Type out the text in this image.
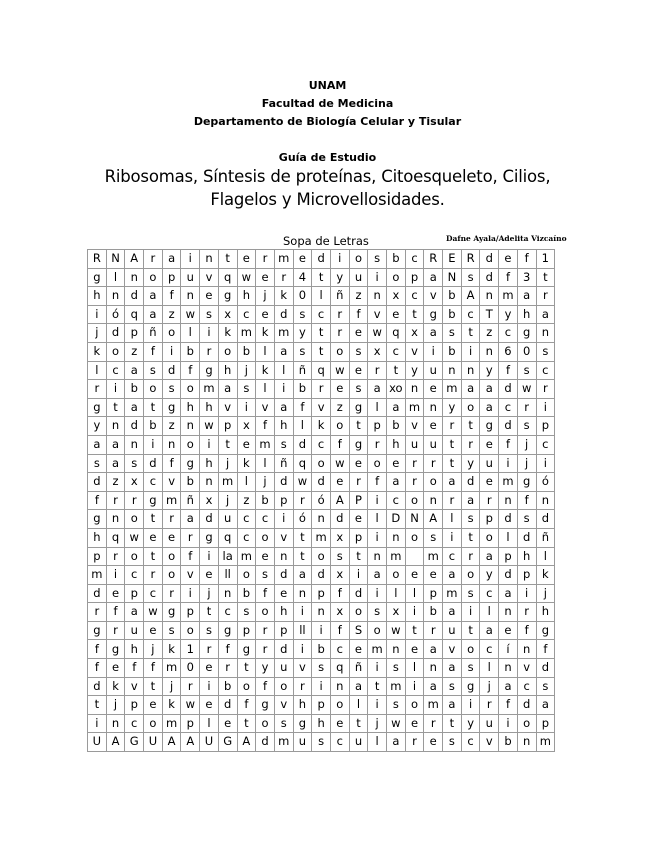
UNAM
Facultad de Medicina
Departamento de Biología Celular y Tisular
Guía de Estudio
Ribosomas, Síntesis de proteínas, Citoesqueleto, Cilios,
Flagelos y Microvellosidades.
Sopa de Letras	Dafne Ayala/Adelita Vizcaíno
R	N	A	r	a	i	n	t	e	r	m	e	d	i	o	s	b	c	R	E	R	d	e	f	1
g	l	n	o	p	u	v	q	w	e	r	4	t	y	u	i	o	p	a	N	s	d	f	3	t
h	n	d	a	f	n	e	g	h	j	k	0	l	ñ	z	n	x	c	v	b	A	n	m	a	r
i	ó	q	a	z	w	s	x	c	e	d	s	c	r	f	v	e	t	g	b	c	T	y	h	a
j	d	p	ñ	o	l	i	k	m	k	m	y	t	r	e	w	q	x	a	s	t	z	c	g	n
k	o	z	f	i	b	r	o	b	l	a	s	t	o	s	x	c	v	i	b	i	n	6	0	s
l	c	a	s	d	f	g	h	j	k	l	ñ	q	w	e	r	t	y	u	n	n	y	f	s	c
r	i	b	o	s	o	m	a	s	l	i	b	r	e	s	a	xo	n	e	m	a	a	d	w	r
g	t	a	t	g	h	h	v	i	v	a	f	v	z	g	l	a	m	n	y	o	a	c	r	i
y	n	d	b	z	n	w	p	x	f	h	l	k	o	t	p	b	v	e	r	t	g	d	s	p
a	a	n	i	n	o	i	t	e	m	s	d	c	f	g	r	h	u	u	t	r	e	f	j	c
s	a	s	d	f	g	h	j	k	l	ñ	q	o	w	e	o	e	r	r	t	y	u	i	j	i
d	z	x	c	v	b	n	m	l	j	d	w	d	e	r	f	a	r	o	a	d	e	m	g	ó
f	r	r	g	m	ñ	x	j	z	b	p	r	ó	A	P	i	c	o	n	r	a	r	n	f	n
g	n	o	t	r	a	d	u	c	c	i	ó	n	d	e	l	D	N	A	l	s	p	d	s	d
h	q	w	e	e	r	g	q	c	o	v	t	m	x	p	i	n	o	s	i	t	o	l	d	ñ
p	r	o	t	o	f	i	la	m	e	n	t	o	s	t	n	m		m	c	r	a	p	h	l
m	i	c	r	o	v	e	ll	o	s	d	a	d	x	i	a	o	e	e	a	o	y	d	p	k
d	e	p	c	r	i	j	n	b	f	e	n	p	f	d	i	l	l	p	m	s	c	a	i	j
r	f	a	w	g	p	t	c	s	o	h	i	n	x	o	s	x	i	b	a	i	l	n	r	h
g	r	u	e	s	o	s	g	p	r	p	ll	i	f	S	o	w	t	r	u	t	a	e	f	g
f	g	h	j	k	1	r	f	g	r	d	i	b	c	e	m	n	e	a	v	o	c	í	n	f
f	e	f	f	m	0	e	r	t	y	u	v	s	q	ñ	i	s	l	n	a	s	l	n	v	d
d	k	v	t	j	r	i	b	o	f	o	r	i	n	a	t	m	i	a	s	g	j	a	c	s
t	j	p	e	k	w	e	d	f	g	v	h	p	o	l	i	s	o	m	a	i	r	f	d	a
i	n	c	o	m	p	l	e	t	o	s	g	h	e	t	j	w	e	r	t	y	u	i	o	p
U	A	G	U	A	A	U	G	A	d	m	u	s	c	u	l	a	r	e	s	c	v	b	n	m
